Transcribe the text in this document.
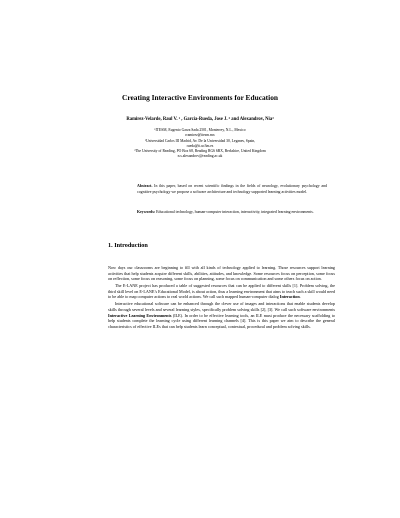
Creating Interactive Environments for Education
Ramirez-Velarde, Raul V. ¹ , Garcia-Rueda, Jose J. ² and Alexandrov, Nia³
¹ITESM, Eugenio Garza Sada 2501, Monterrey, N.L., Mexico
rramirez@itesm.mx
²Universidad Carlos III Madrid, Av. De la Universidad 30, Leganes, Spain,
rueda@it.uc3m.es
³The University of Reading, PO Box 68, Reading RG6 6BX, Berkshire, United Kingdom
n.s.alexandrov@reading.ac.uk
Abstract. In this paper, based on recent scientific findings in the fields of neurology, evolutionary psychology and cognitive psychology we propose a software architecture and technology supported learning activities model.
Keywords: Educational technology, human-computer interaction, interactivity, integrated learning environments.
1. Introduction

Now days our classrooms are beginning to fill with all kinds of technology applied to learning. Those resources support learning activities that help students acquire different skills, abilities, attitudes, and knowledge. Some resources focus on perception, some focus on reflection, some focus on reasoning, some focus on planning, some focus on communication and some others focus on action.

The E-LANE project has produced a table of suggested resources that can be applied to different skills [1]. Problem solving, the third skill level on E-LANE’s Educational Model, is about action, thus a learning environment that aims to teach such a skill would need to be able to map computer actions to real world actions. We call such mapped human-computer dialog Interaction.

Interactive educational software can be enhanced through the clever use of images and interactions that enable students develop skills through several levels and several learning styles, specifically problem solving skills [2], [3]. We call such software environments Interactive Learning Environments (ILE). In order to be effective learning tools, an ILE must produce the necessary scaffolding to help students complete the learning cycle using different learning channels [4]. This is this paper we aim to describe the general characteristics of effective ILEs that can help students learn conceptual, contextual, procedural and problem solving skills.
